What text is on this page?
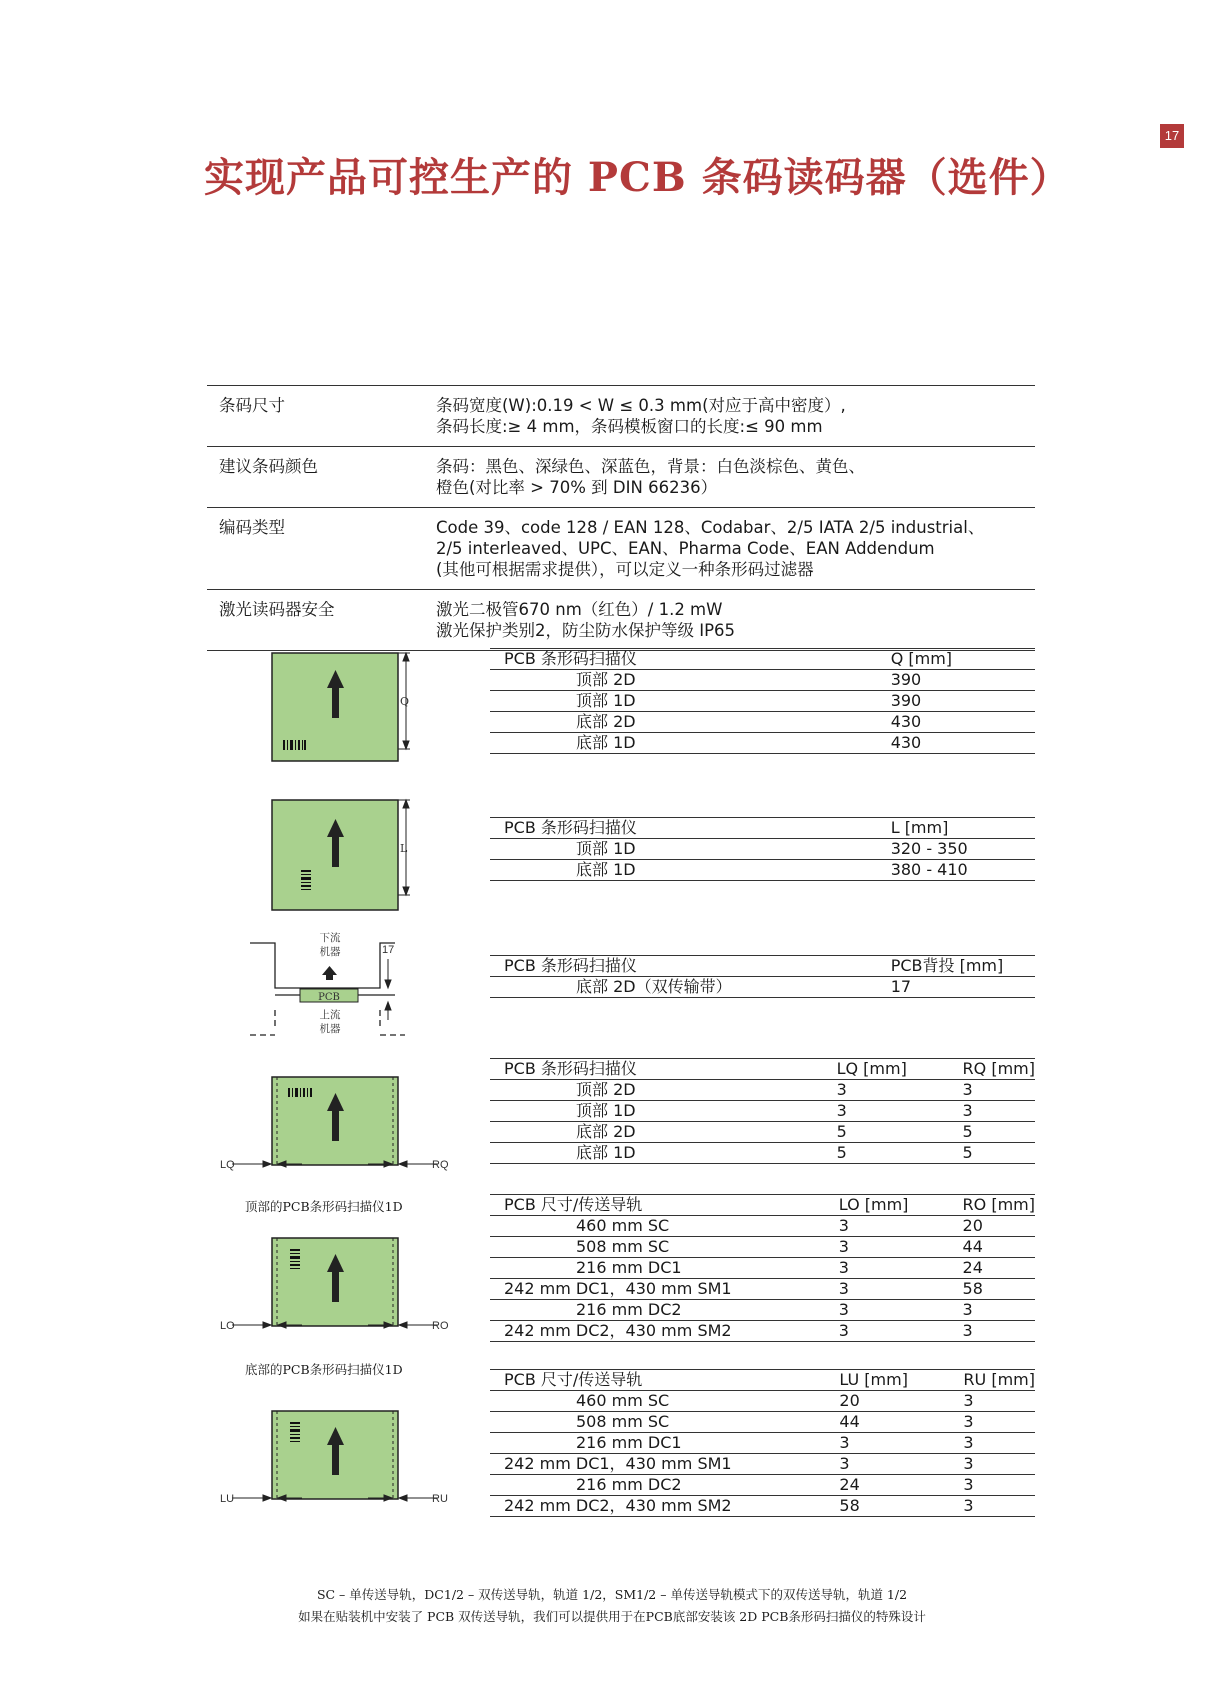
17
实现产品可控生产的 PCB 条码读码器（选件）
条码尺寸	条码宽度(W):0.19 < W ≤ 0.3 mm(对应于高中密度）,
条码长度:≥ 4 mm，条码模板窗口的长度:≤ 90 mm

建议条码颜色	条码：黑色、深绿色、深蓝色，背景：白色淡棕色、黄色、
橙色(对比率 > 70% 到 DIN 66236）

编码类型	Code 39、code 128 / EAN 128、Codabar、2/5 IATA 2/5 industrial、
2/5 interleaved、UPC、EAN、Pharma Code、EAN Addendum
(其他可根据需求提供），可以定义一种条形码过滤器

激光读码器安全	激光二极管670 nm（红色）/ 1.2 mW
激光保护类别2，防尘防水保护等级 IP65
PCB 条形码扫描仪	Q [mm]
顶部 2D	390
顶部 1D	390
底部 2D	430
底部 1D	430
PCB 条形码扫描仪	L [mm]
顶部 1D	320 - 350
底部 1D	380 - 410
PCB 条形码扫描仪	PCB背投 [mm]
底部 2D（双传输带）	17
PCB 条形码扫描仪	LQ [mm]	RQ [mm]
顶部 2D	3	3
顶部 1D	3	3
底部 2D	5	5
底部 1D	5	5
PCB 尺寸/传送导轨	LO [mm]	RO [mm]
460 mm SC	3	20
508 mm SC	3	44
216 mm DC1	3	24
242 mm DC1，430 mm SM1	3	58
216 mm DC2	3	3
242 mm DC2，430 mm SM2	3	3
PCB 尺寸/传送导轨	LU [mm]	RU [mm]
460 mm SC	20	3
508 mm SC	44	3
216 mm DC1	3	3
242 mm DC1，430 mm SM1	3	3
216 mm DC2	24	3
242 mm DC2，430 mm SM2	58	3
Q
L
PCB
下流
机器
上流
机器
17
LQ	RQ
顶部的PCB条形码扫描仪1D
LO	RO
底部的PCB条形码扫描仪1D
LU	RU
SC – 单传送导轨，DC1/2 – 双传送导轨，轨道 1/2，SM1/2 – 单传送导轨模式下的双传送导轨，轨道 1/2
如果在贴装机中安装了 PCB 双传送导轨，我们可以提供用于在PCB底部安装该 2D PCB条形码扫描仪的特殊设计
